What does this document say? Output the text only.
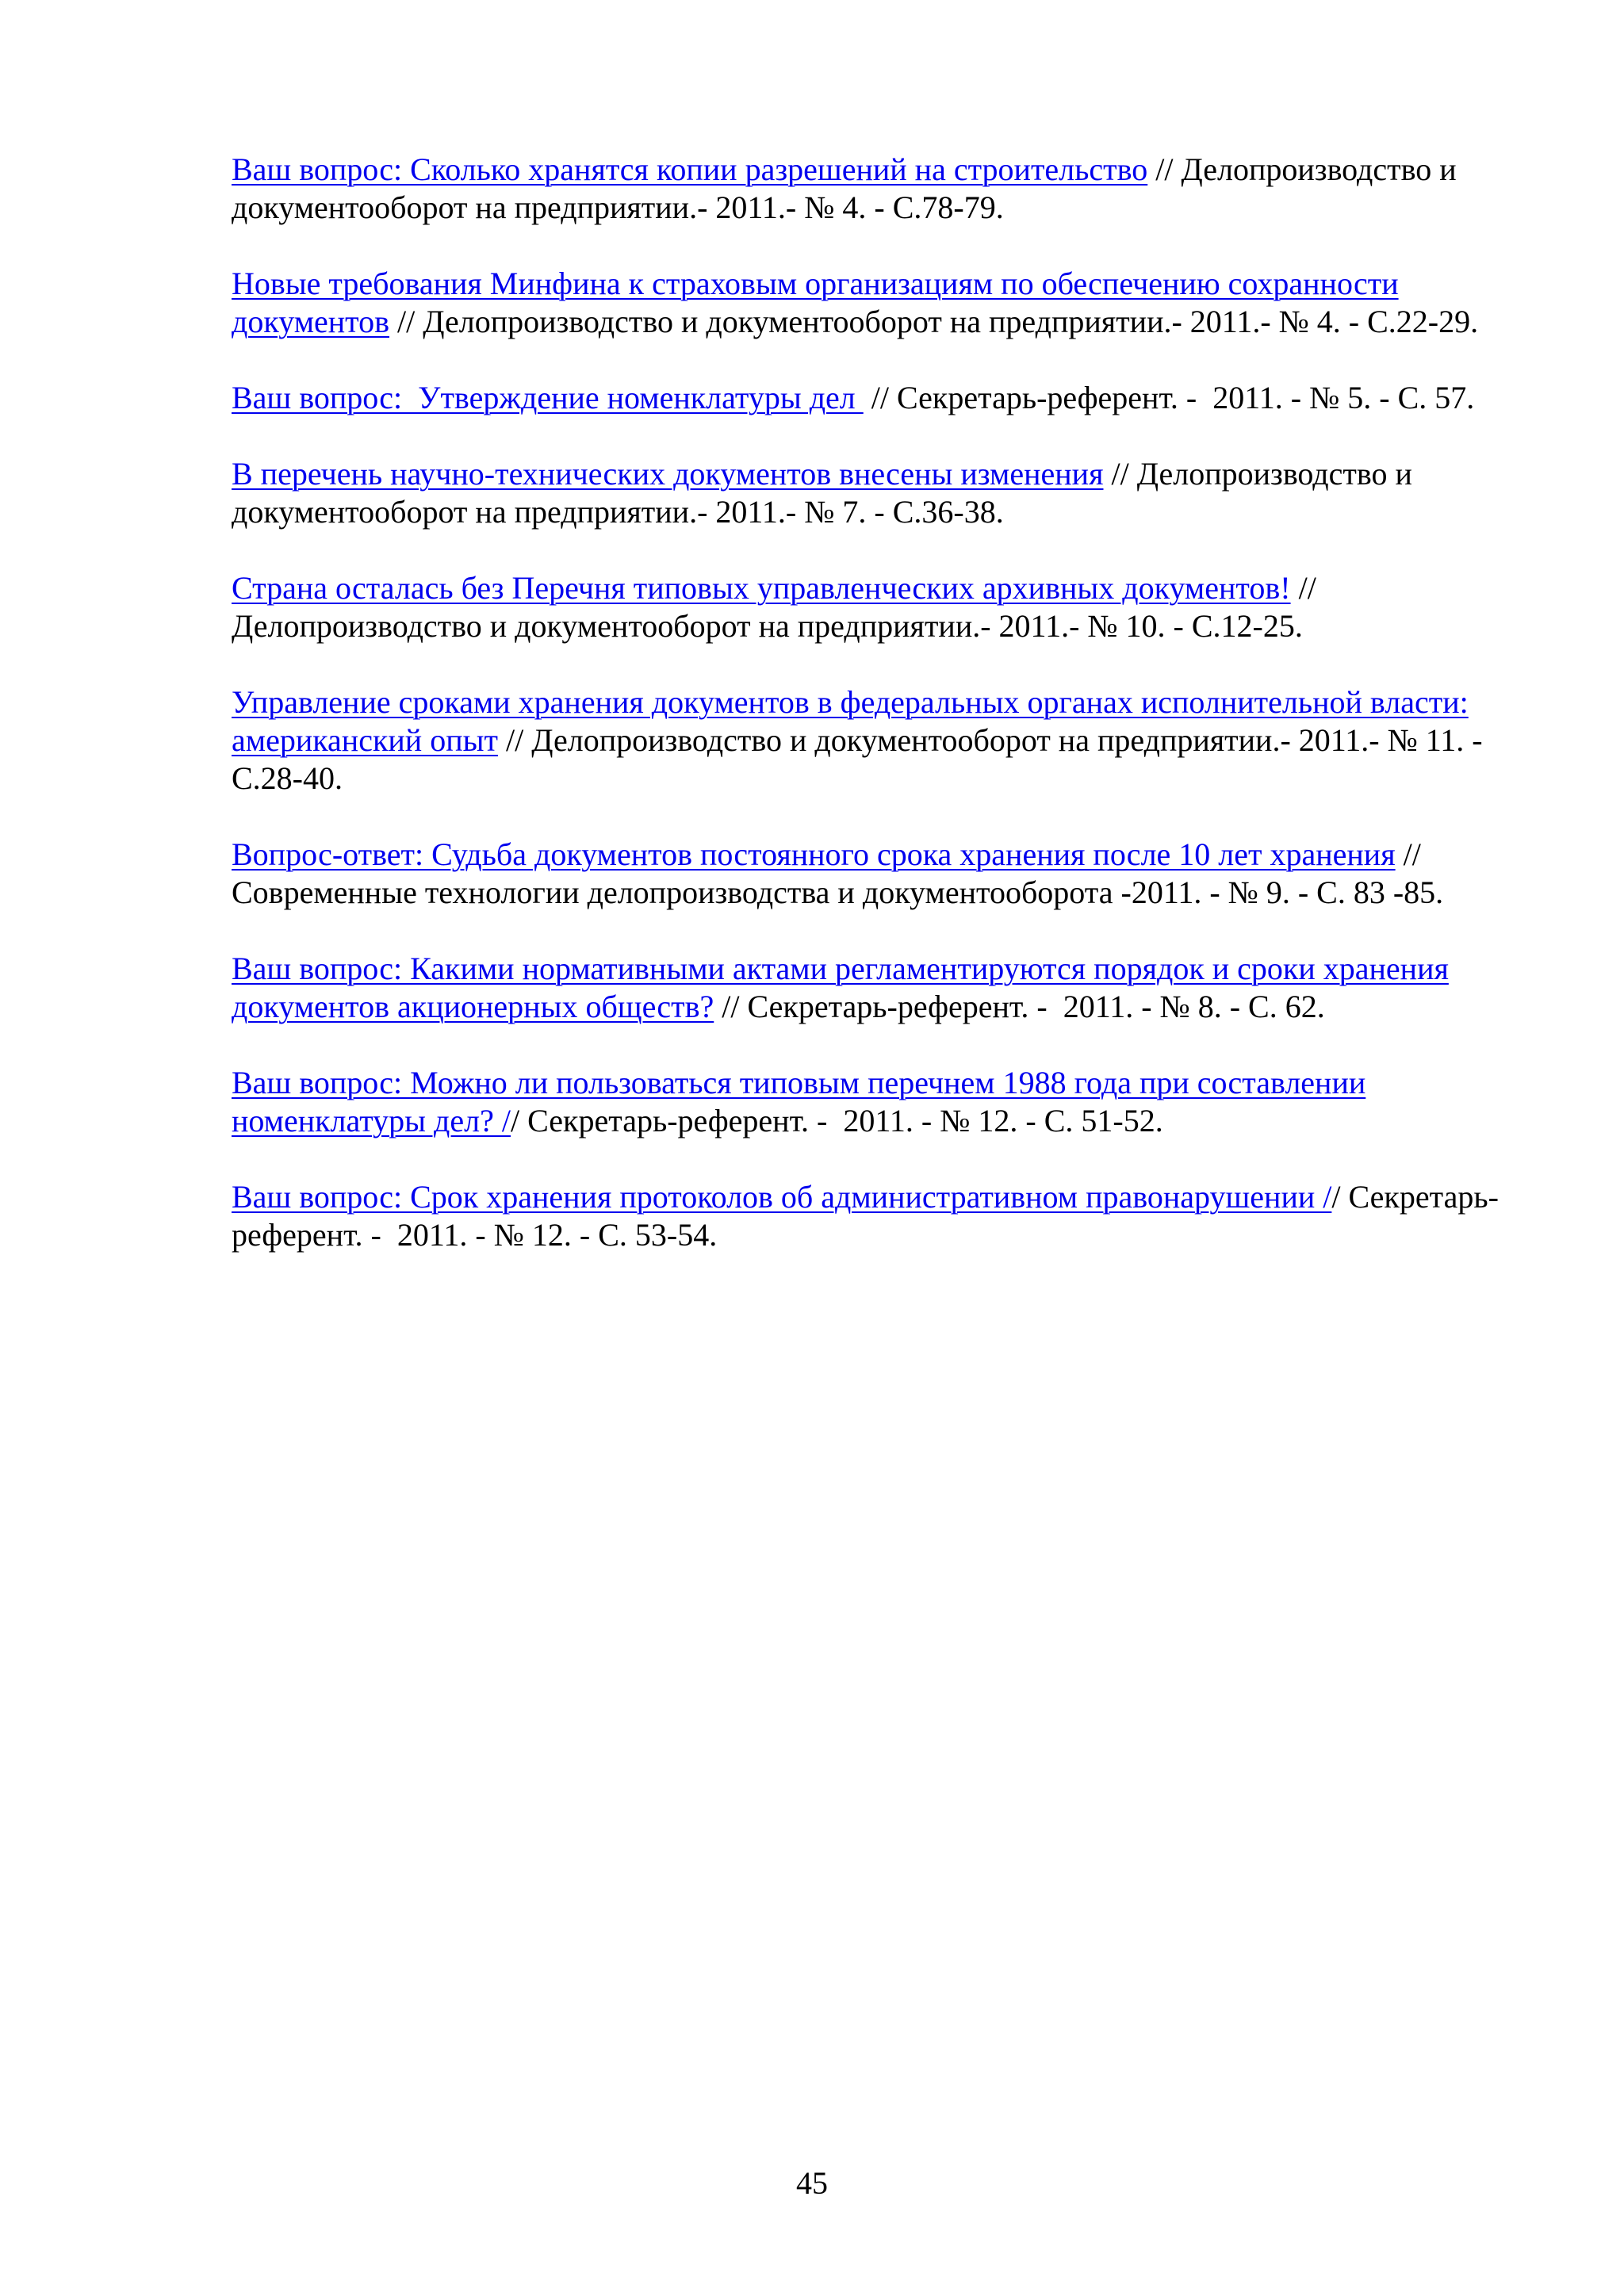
Ваш вопрос: Сколько хранятся копии разрешений на строительство // Делопроизводство и документооборот на предприятии.- 2011.- № 4. - С.78-79.

Новые требования Минфина к страховым организациям по обеспечению сохранности документов // Делопроизводство и документооборот на предприятии.- 2011.- № 4. - С.22-29.

Ваш вопрос:  Утверждение номенклатуры дел  // Секретарь-референт. -  2011. - № 5. - С. 57.

В перечень научно-технических документов внесены изменения // Делопроизводство и документооборот на предприятии.- 2011.- № 7. - С.36-38.

Страна осталась без Перечня типовых управленческих архивных документов! // Делопроизводство и документооборот на предприятии.- 2011.- № 10. - С.12-25.

Управление сроками хранения документов в федеральных органах исполнительной власти: американский опыт // Делопроизводство и документооборот на предприятии.- 2011.- № 11. - С.28-40.

Вопрос-ответ: Судьба документов постоянного срока хранения после 10 лет хранения // Современные технологии делопроизводства и документооборота -2011. - № 9. - С. 83 -85.

Ваш вопрос: Какими нормативными актами регламентируются порядок и сроки хранения документов акционерных обществ? // Секретарь-референт. -  2011. - № 8. - С. 62.

Ваш вопрос: Можно ли пользоваться типовым перечнем 1988 года при составлении номенклатуры дел? // Секретарь-референт. -  2011. - № 12. - С. 51-52.

Ваш вопрос: Срок хранения протоколов об административном правонарушении // Секретарь-референт. -  2011. - № 12. - С. 53-54.

45
